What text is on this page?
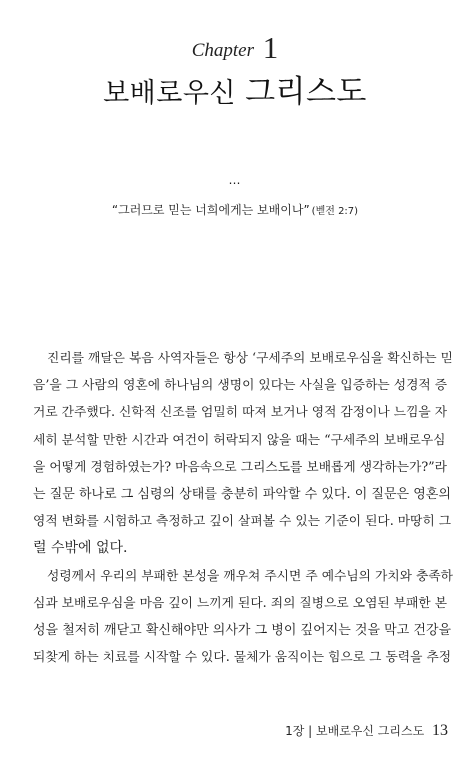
Chapter 1
보배로우신 그리스도
…
“그러므로 믿는 너희에게는 보배이나” (벧전 2:7)
진리를 깨달은 복음 사역자들은 항상 ‘구세주의 보배로우심을 확신하는 믿
음’을 그 사람의 영혼에 하나님의 생명이 있다는 사실을 입증하는 성경적 증
거로 간주했다. 신학적 신조를 엄밀히 따져 보거나 영적 감정이나 느낌을 자
세히 분석할 만한 시간과 여건이 허락되지 않을 때는 “구세주의 보배로우심
을 어떻게 경험하였는가? 마음속으로 그리스도를 보배롭게 생각하는가?”라
는 질문 하나로 그 심령의 상태를 충분히 파악할 수 있다. 이 질문은 영혼의
영적 변화를 시험하고 측정하고 깊이 살펴볼 수 있는 기준이 된다. 마땅히 그
럴 수밖에 없다.
성령께서 우리의 부패한 본성을 깨우쳐 주시면 주 예수님의 가치와 충족하
심과 보배로우심을 마음 깊이 느끼게 된다. 죄의 질병으로 오염된 부패한 본
성을 철저히 깨닫고 확신해야만 의사가 그 병이 깊어지는 것을 막고 건강을
되찾게 하는 치료를 시작할 수 있다. 물체가 움직이는 힘으로 그 동력을 추정
1장 | 보배로우신 그리스도 13
